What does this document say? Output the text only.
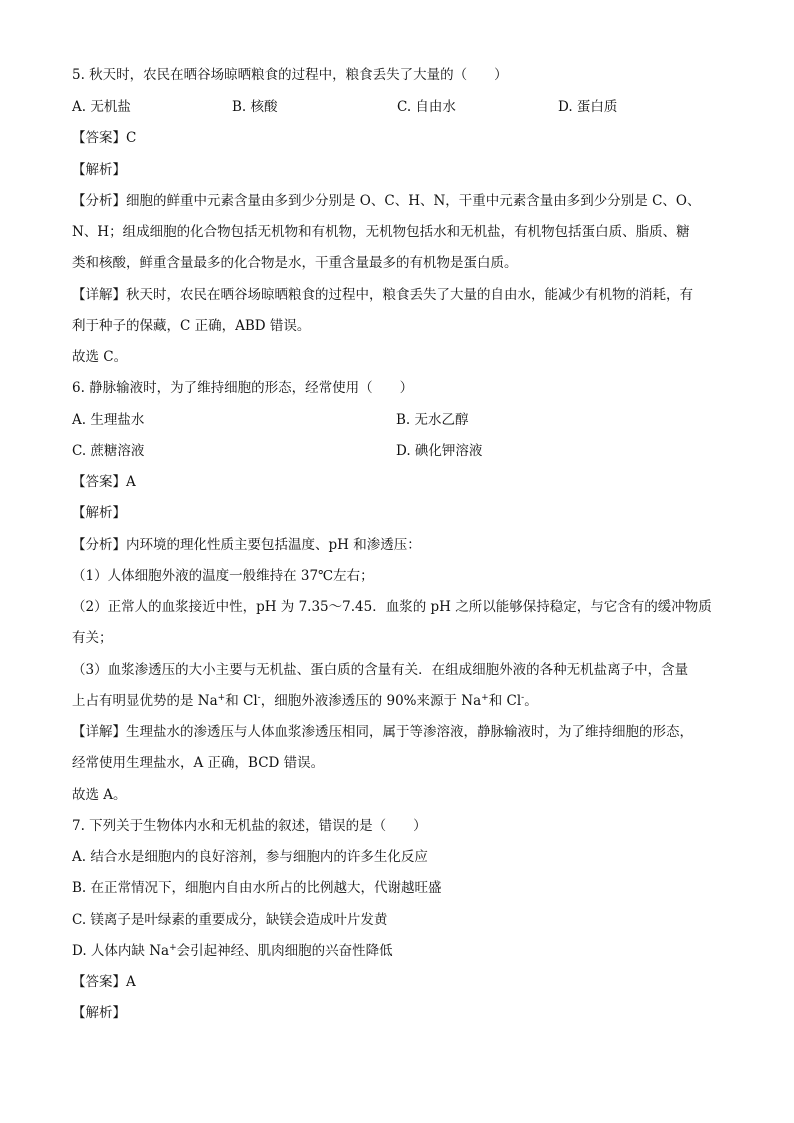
5. 秋天时，农民在晒谷场晾晒粮食的过程中，粮食丢失了大量的（　　）
A. 无机盐	B. 核酸	C. 自由水	D. 蛋白质
【答案】C
【解析】
【分析】细胞的鲜重中元素含量由多到少分别是 O、C、H、N，干重中元素含量由多到少分别是 C、O、
N、H；组成细胞的化合物包括无机物和有机物，无机物包括水和无机盐，有机物包括蛋白质、脂质、糖
类和核酸，鲜重含量最多的化合物是水，干重含量最多的有机物是蛋白质。
【详解】秋天时，农民在晒谷场晾晒粮食的过程中，粮食丢失了大量的自由水，能减少有机物的消耗，有
利于种子的保藏，C 正确，ABD 错误。
故选 C。
6. 静脉输液时，为了维持细胞的形态，经常使用（　　）
A. 生理盐水	B. 无水乙醇
C. 蔗糖溶液	D. 碘化钾溶液
【答案】A
【解析】
【分析】内环境的理化性质主要包括温度、pH 和渗透压：
（1）人体细胞外液的温度一般维持在 37℃左右；
（2）正常人的血浆接近中性，pH 为 7.35～7.45．血浆的 pH 之所以能够保持稳定，与它含有的缓冲物质
有关；
（3）血浆渗透压的大小主要与无机盐、蛋白质的含量有关．在组成细胞外液的各种无机盐离子中，含量
上占有明显优势的是 Na+和 Cl-，细胞外液渗透压的 90%来源于 Na+和 Cl-。
【详解】生理盐水的渗透压与人体血浆渗透压相同，属于等渗溶液，静脉输液时，为了维持细胞的形态，
经常使用生理盐水，A 正确，BCD 错误。
故选 A。
7. 下列关于生物体内水和无机盐的叙述，错误的是（　　）
A. 结合水是细胞内的良好溶剂，参与细胞内的许多生化反应
B. 在正常情况下，细胞内自由水所占的比例越大，代谢越旺盛
C. 镁离子是叶绿素的重要成分，缺镁会造成叶片发黄
D. 人体内缺 Na+会引起神经、肌肉细胞的兴奋性降低
【答案】A
【解析】
